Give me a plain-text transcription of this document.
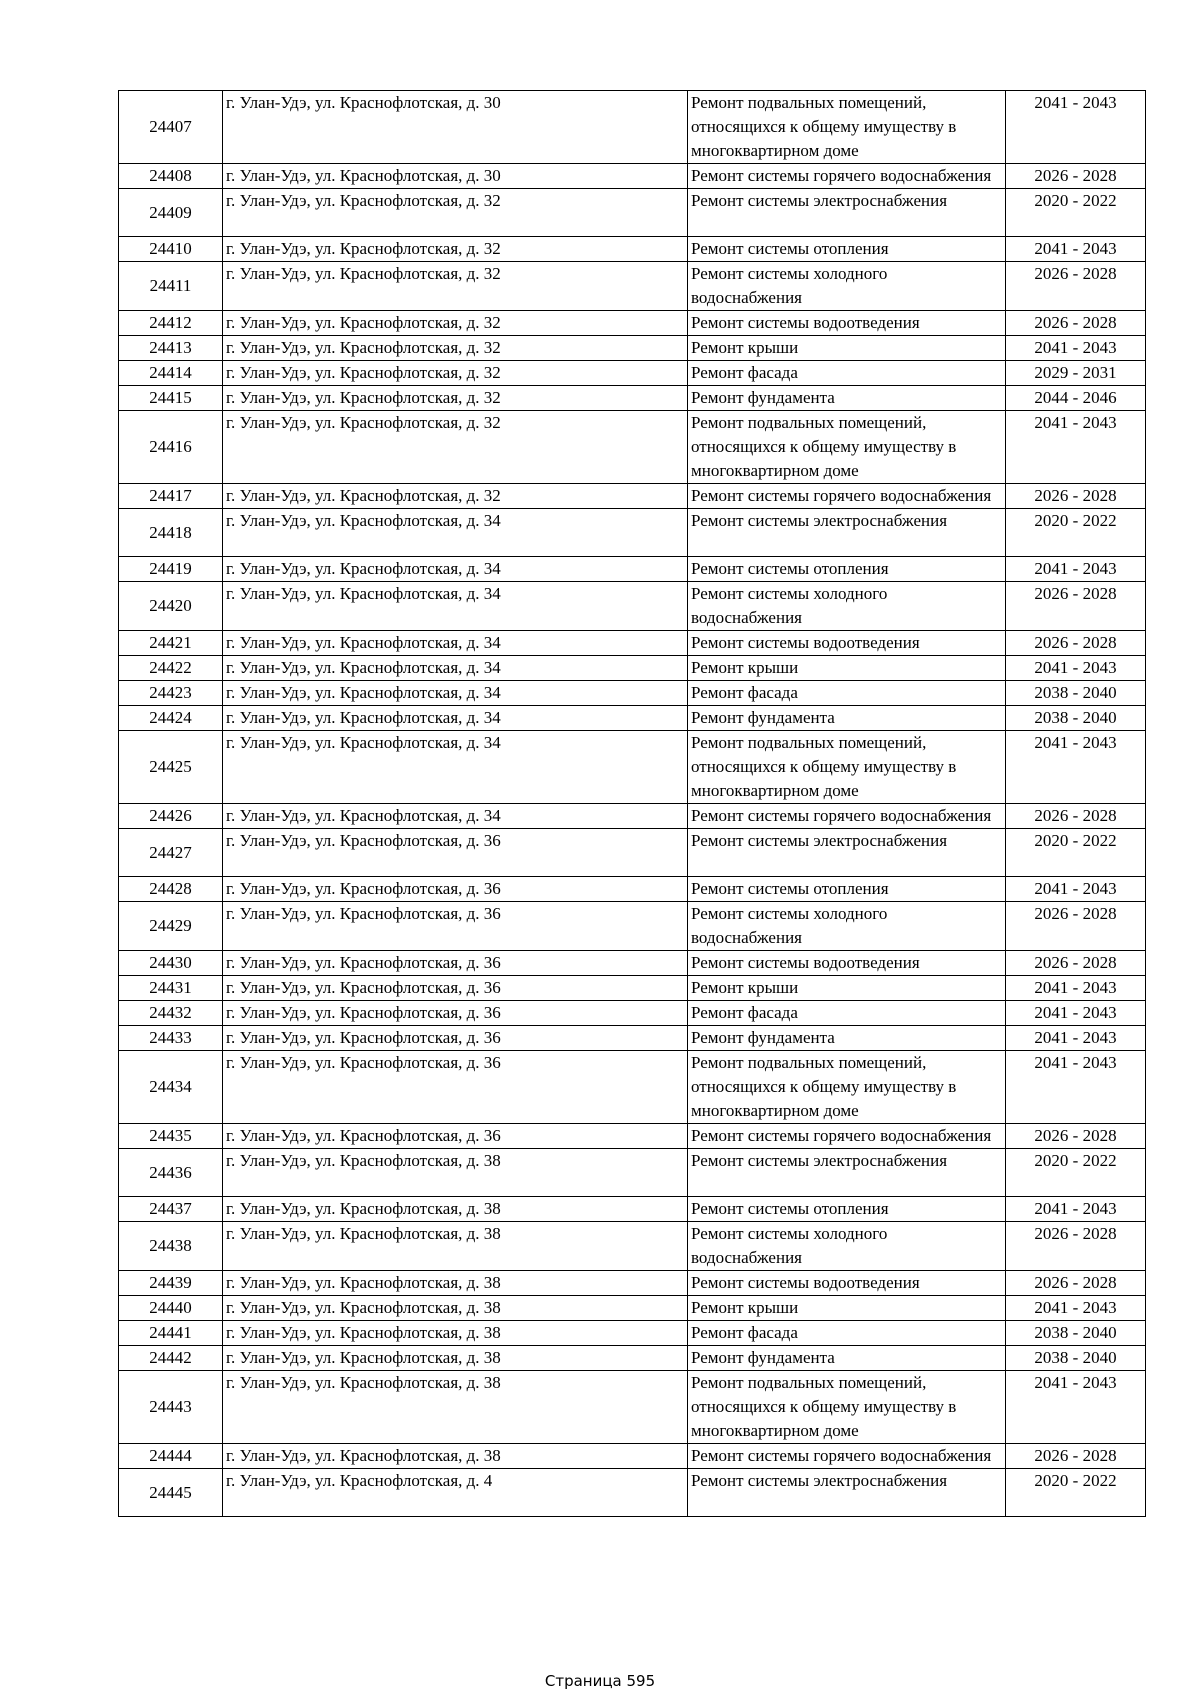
24407	г. Улан-Удэ, ул. Краснофлотская, д. 30	Ремонт подвальных помещений, относящихся к общему имуществу в многоквартирном доме	2041 - 2043
24408	г. Улан-Удэ, ул. Краснофлотская, д. 30	Ремонт системы горячего водоснабжения	2026 - 2028
24409	г. Улан-Удэ, ул. Краснофлотская, д. 32	Ремонт системы электроснабжения	2020 - 2022
24410	г. Улан-Удэ, ул. Краснофлотская, д. 32	Ремонт системы отопления	2041 - 2043
24411	г. Улан-Удэ, ул. Краснофлотская, д. 32	Ремонт системы холодного водоснабжения	2026 - 2028
24412	г. Улан-Удэ, ул. Краснофлотская, д. 32	Ремонт системы водоотведения	2026 - 2028
24413	г. Улан-Удэ, ул. Краснофлотская, д. 32	Ремонт крыши	2041 - 2043
24414	г. Улан-Удэ, ул. Краснофлотская, д. 32	Ремонт фасада	2029 - 2031
24415	г. Улан-Удэ, ул. Краснофлотская, д. 32	Ремонт фундамента	2044 - 2046
24416	г. Улан-Удэ, ул. Краснофлотская, д. 32	Ремонт подвальных помещений, относящихся к общему имуществу в многоквартирном доме	2041 - 2043
24417	г. Улан-Удэ, ул. Краснофлотская, д. 32	Ремонт системы горячего водоснабжения	2026 - 2028
24418	г. Улан-Удэ, ул. Краснофлотская, д. 34	Ремонт системы электроснабжения	2020 - 2022
24419	г. Улан-Удэ, ул. Краснофлотская, д. 34	Ремонт системы отопления	2041 - 2043
24420	г. Улан-Удэ, ул. Краснофлотская, д. 34	Ремонт системы холодного водоснабжения	2026 - 2028
24421	г. Улан-Удэ, ул. Краснофлотская, д. 34	Ремонт системы водоотведения	2026 - 2028
24422	г. Улан-Удэ, ул. Краснофлотская, д. 34	Ремонт крыши	2041 - 2043
24423	г. Улан-Удэ, ул. Краснофлотская, д. 34	Ремонт фасада	2038 - 2040
24424	г. Улан-Удэ, ул. Краснофлотская, д. 34	Ремонт фундамента	2038 - 2040
24425	г. Улан-Удэ, ул. Краснофлотская, д. 34	Ремонт подвальных помещений, относящихся к общему имуществу в многоквартирном доме	2041 - 2043
24426	г. Улан-Удэ, ул. Краснофлотская, д. 34	Ремонт системы горячего водоснабжения	2026 - 2028
24427	г. Улан-Удэ, ул. Краснофлотская, д. 36	Ремонт системы электроснабжения	2020 - 2022
24428	г. Улан-Удэ, ул. Краснофлотская, д. 36	Ремонт системы отопления	2041 - 2043
24429	г. Улан-Удэ, ул. Краснофлотская, д. 36	Ремонт системы холодного водоснабжения	2026 - 2028
24430	г. Улан-Удэ, ул. Краснофлотская, д. 36	Ремонт системы водоотведения	2026 - 2028
24431	г. Улан-Удэ, ул. Краснофлотская, д. 36	Ремонт крыши	2041 - 2043
24432	г. Улан-Удэ, ул. Краснофлотская, д. 36	Ремонт фасада	2041 - 2043
24433	г. Улан-Удэ, ул. Краснофлотская, д. 36	Ремонт фундамента	2041 - 2043
24434	г. Улан-Удэ, ул. Краснофлотская, д. 36	Ремонт подвальных помещений, относящихся к общему имуществу в многоквартирном доме	2041 - 2043
24435	г. Улан-Удэ, ул. Краснофлотская, д. 36	Ремонт системы горячего водоснабжения	2026 - 2028
24436	г. Улан-Удэ, ул. Краснофлотская, д. 38	Ремонт системы электроснабжения	2020 - 2022
24437	г. Улан-Удэ, ул. Краснофлотская, д. 38	Ремонт системы отопления	2041 - 2043
24438	г. Улан-Удэ, ул. Краснофлотская, д. 38	Ремонт системы холодного водоснабжения	2026 - 2028
24439	г. Улан-Удэ, ул. Краснофлотская, д. 38	Ремонт системы водоотведения	2026 - 2028
24440	г. Улан-Удэ, ул. Краснофлотская, д. 38	Ремонт крыши	2041 - 2043
24441	г. Улан-Удэ, ул. Краснофлотская, д. 38	Ремонт фасада	2038 - 2040
24442	г. Улан-Удэ, ул. Краснофлотская, д. 38	Ремонт фундамента	2038 - 2040
24443	г. Улан-Удэ, ул. Краснофлотская, д. 38	Ремонт подвальных помещений, относящихся к общему имуществу в многоквартирном доме	2041 - 2043
24444	г. Улан-Удэ, ул. Краснофлотская, д. 38	Ремонт системы горячего водоснабжения	2026 - 2028
24445	г. Улан-Удэ, ул. Краснофлотская, д. 4	Ремонт системы электроснабжения	2020 - 2022
Страница 595
